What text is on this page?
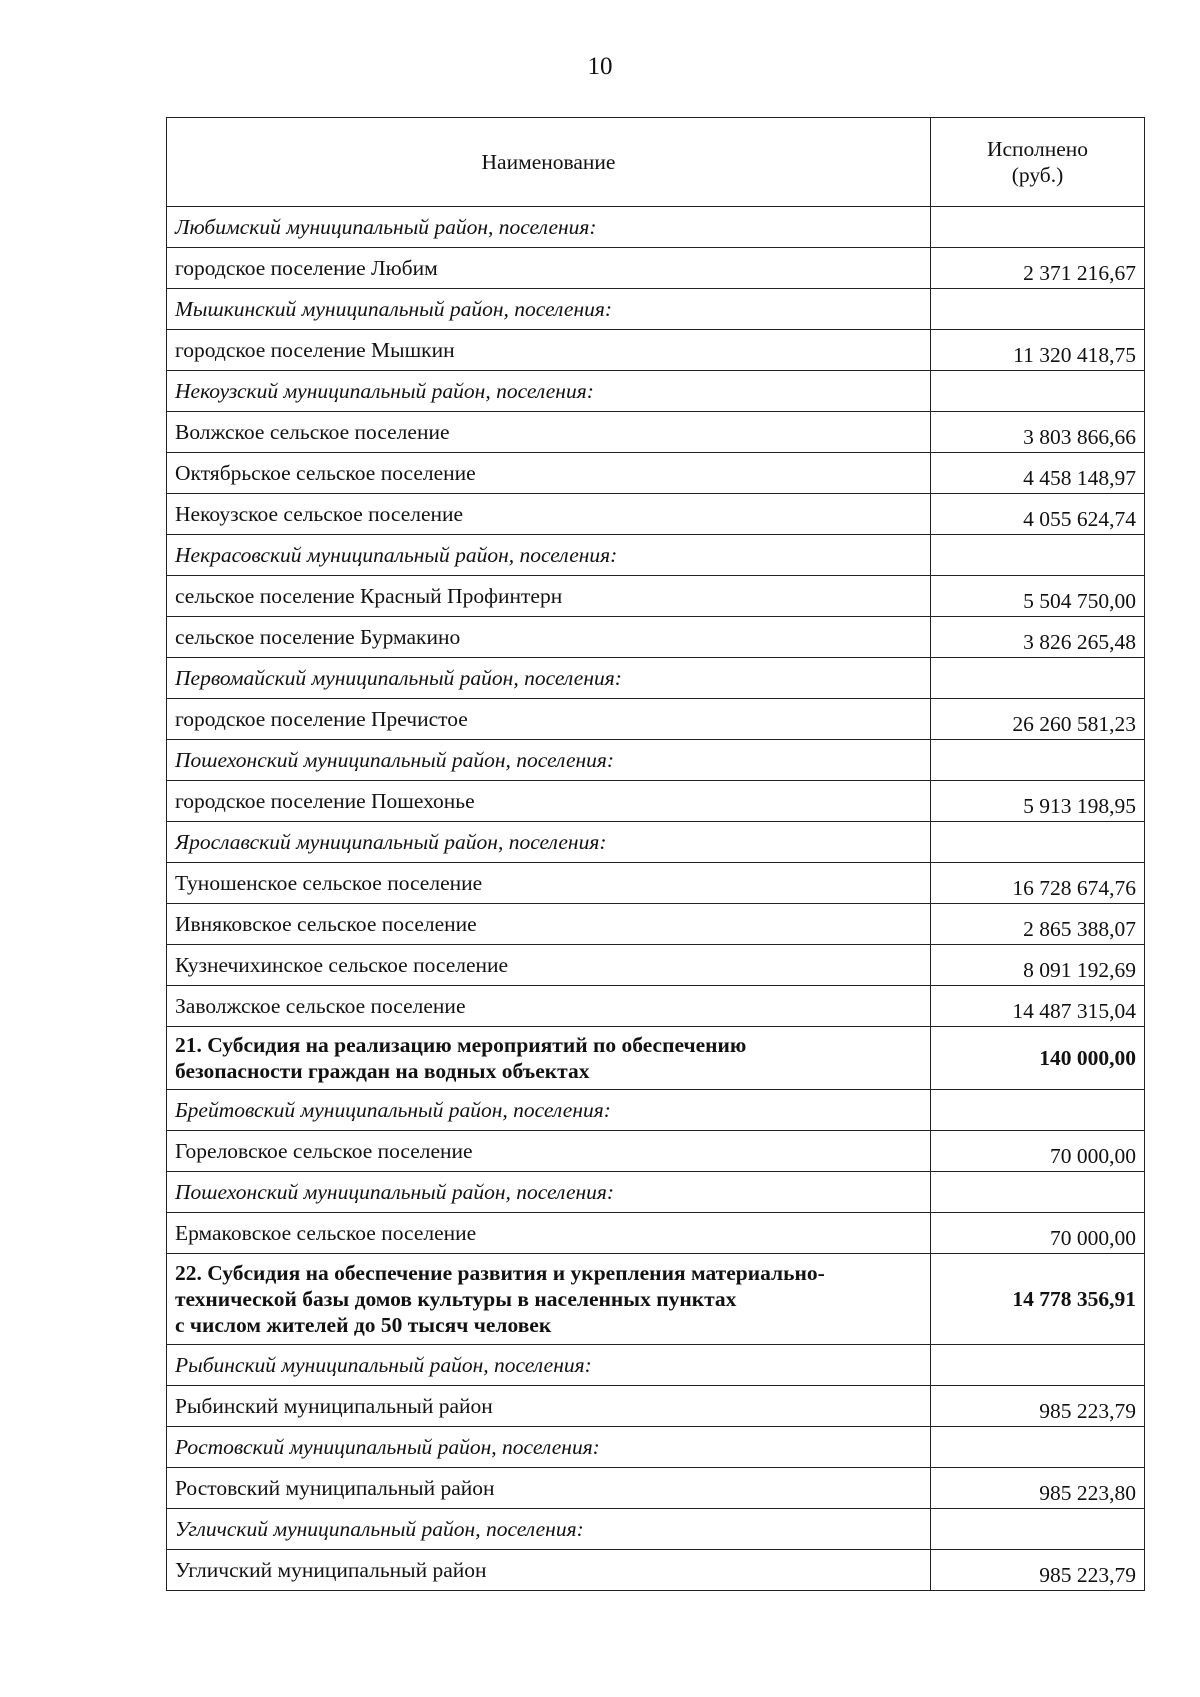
10
Наименование	Исполнено
(руб.)
Любимский муниципальный район, поселения:	
городское поселение Любим	2 371 216,67
Мышкинский муниципальный район, поселения:	
городское поселение Мышкин	11 320 418,75
Некоузский муниципальный район, поселения:	
Волжское сельское поселение	3 803 866,66
Октябрьское сельское поселение	4 458 148,97
Некоузское сельское поселение	4 055 624,74
Некрасовский муниципальный район, поселения:	
сельское поселение Красный Профинтерн	5 504 750,00
сельское поселение Бурмакино	3 826 265,48
Первомайский муниципальный район, поселения:	
городское поселение Пречистое	26 260 581,23
Пошехонский муниципальный район, поселения:	
городское поселение Пошехонье	5 913 198,95
Ярославский муниципальный район, поселения:	
Туношенское сельское поселение	16 728 674,76
Ивняковское сельское поселение	2 865 388,07
Кузнечихинское сельское поселение	8 091 192,69
Заволжское сельское поселение	14 487 315,04
21. Субсидия на реализацию мероприятий по обеспечению
безопасности граждан на водных объектах	140 000,00
Брейтовский муниципальный район, поселения:	
Гореловское сельское поселение	70 000,00
Пошехонский муниципальный район, поселения:	
Ермаковское сельское поселение	70 000,00
22. Субсидия на обеспечение развития и укрепления материально-
технической базы домов культуры в населенных пунктах
с числом жителей до 50 тысяч человек	14 778 356,91
Рыбинский муниципальный район, поселения:	
Рыбинский муниципальный район	985 223,79
Ростовский муниципальный район, поселения:	
Ростовский муниципальный район	985 223,80
Угличский муниципальный район, поселения:	
Угличский муниципальный район	985 223,79
